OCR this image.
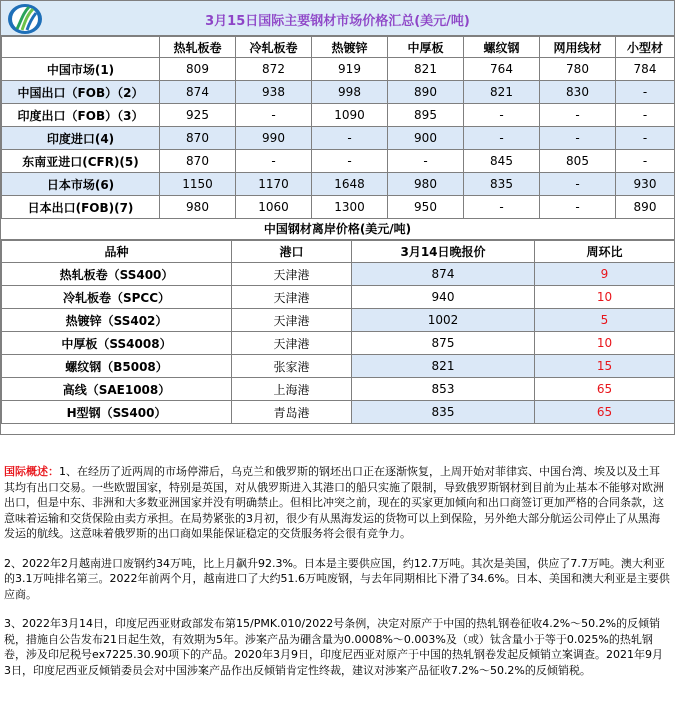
3月15日国际主要钢材市场价格汇总(美元/吨)
	热轧板卷	冷轧板卷	热镀锌	中厚板	螺纹钢	网用线材	小型材
中国市场(1)	809	872	919	821	764	780	784
中国出口（FOB）（2）	874	938	998	890	821	830	-
印度出口（FOB）（3）	925	-	1090	895	-	-	-
印度进口(4)	870	990	-	900	-	-	-
东南亚进口(CFR)(5)	870	-	-	-	845	805	-
日本市场(6)	1150	1170	1648	980	835	-	930
日本出口(FOB)(7)	980	1060	1300	950	-	-	890
中国钢材离岸价格(美元/吨)
品种	港口	3月14日晚报价	周环比
热轧板卷（SS400）	天津港	874	9
冷轧板卷（SPCC）	天津港	940	10
热镀锌（SS402）	天津港	1002	5
中厚板（SS4008）	天津港	875	10
螺纹钢（B5008）	张家港	821	15
高线（SAE1008）	上海港	853	65
H型钢（SS400）	青岛港	835	65

国际概述：1、在经历了近两周的市场停滞后，乌克兰和俄罗斯的钢坯出口正在逐渐恢复，上周开始对菲律宾、中国台湾、埃及以及土耳其均有出口交易。一些欧盟国家，特别是英国，对从俄罗斯进入其港口的船只实施了限制，导致俄罗斯钢材到目前为止基本不能够对欧洲出口，但是中东、非洲和大多数亚洲国家并没有明确禁止。但相比冲突之前，现在的买家更加倾向和出口商签订更加严格的合同条款，这意味着运输和交货保险由卖方承担。在局势紧张的3月初，很少有从黑海发运的货物可以上到保险，另外绝大部分航运公司停止了从黑海发运的航线。这意味着俄罗斯的出口商如果能保证稳定的交货服务将会很有竞争力。

2、2022年2月越南进口废钢约34万吨，比上月飙升92.3%。日本是主要供应国，约12.7万吨。其次是美国，供应了7.7万吨。澳大利亚的3.1万吨排名第三。2022年前两个月，越南进口了大约51.6万吨废钢，与去年同期相比下滑了34.6%。日本、美国和澳大利亚是主要供应商。

3、2022年3月14日，印度尼西亚财政部发布第15/PMK.010/2022号条例，决定对原产于中国的热轧钢卷征收4.2%～50.2%的反倾销税，措施自公告发布21日起生效，有效期为5年。涉案产品为硼含量为0.0008%～0.003%及（或）钛含量小于等于0.025%的热轧钢卷，涉及印尼税号ex7225.30.90项下的产品。2020年3月9日，印度尼西亚对原产于中国的热轧钢卷发起反倾销立案调查。2021年9月3日，印度尼西亚反倾销委员会对中国涉案产品作出反倾销肯定性终裁，建议对涉案产品征收7.2%～50.2%的反倾销税。
